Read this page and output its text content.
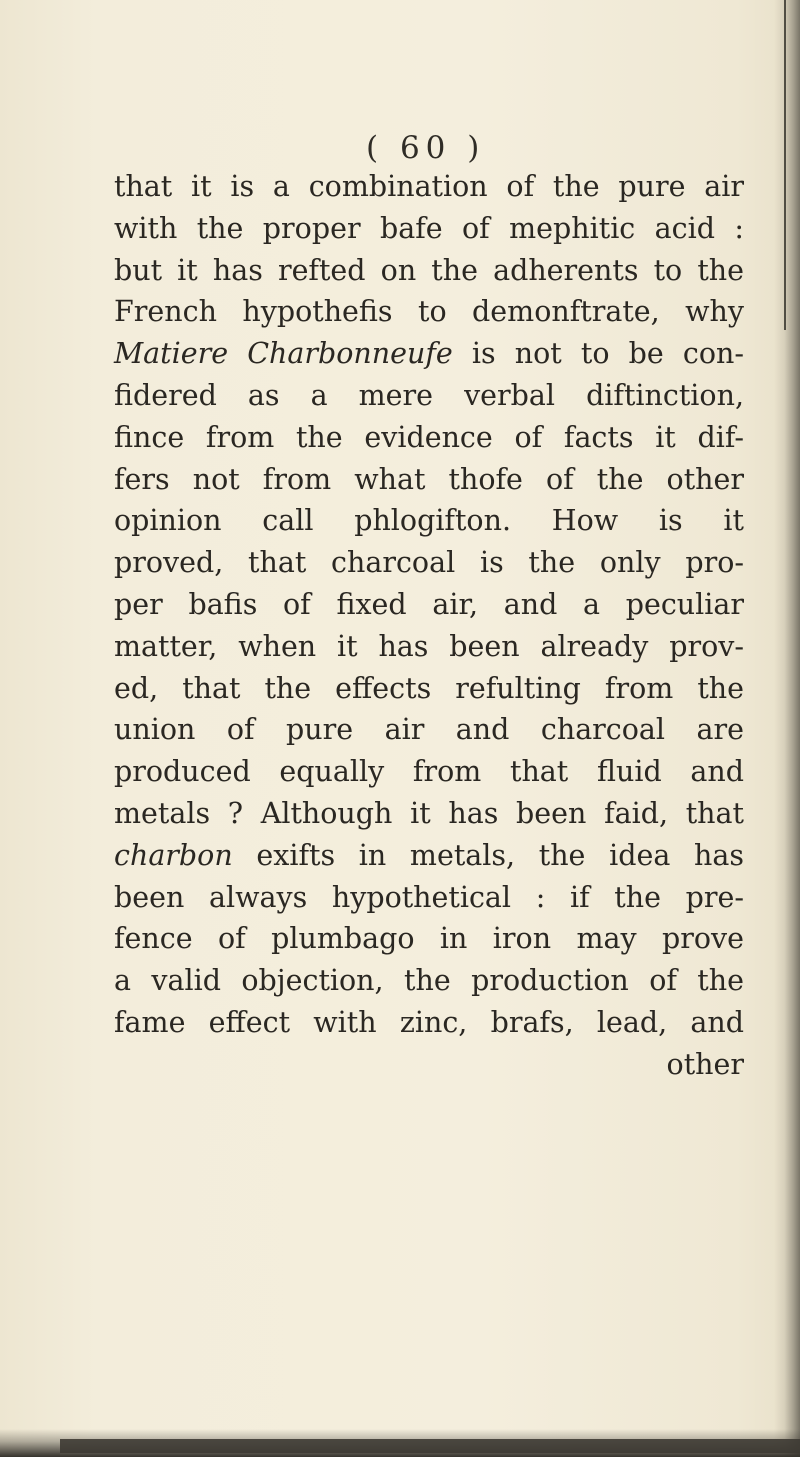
( 60 )
that it is a combination of the pure air
with the proper bafe of mephitic acid :
but it has refted on the adherents to the
French hypothefis to demonftrate, why
Matiere Charbonneufe is not to be con-
fidered as a mere verbal diftinction,
fince from the evidence of facts it dif-
fers not from what thofe of the other
opinion call phlogifton. How is it
proved, that charcoal is the only pro-
per bafis of fixed air, and a peculiar
matter, when it has been already prov-
ed, that the effects refulting from the
union of pure air and charcoal are
produced equally from that fluid and
metals ? Although it has been faid, that
charbon exifts in metals, the idea has
been always hypothetical : if the pre-
fence of plumbago in iron may prove
a valid objection, the production of the
fame effect with zinc, brafs, lead, and
other
